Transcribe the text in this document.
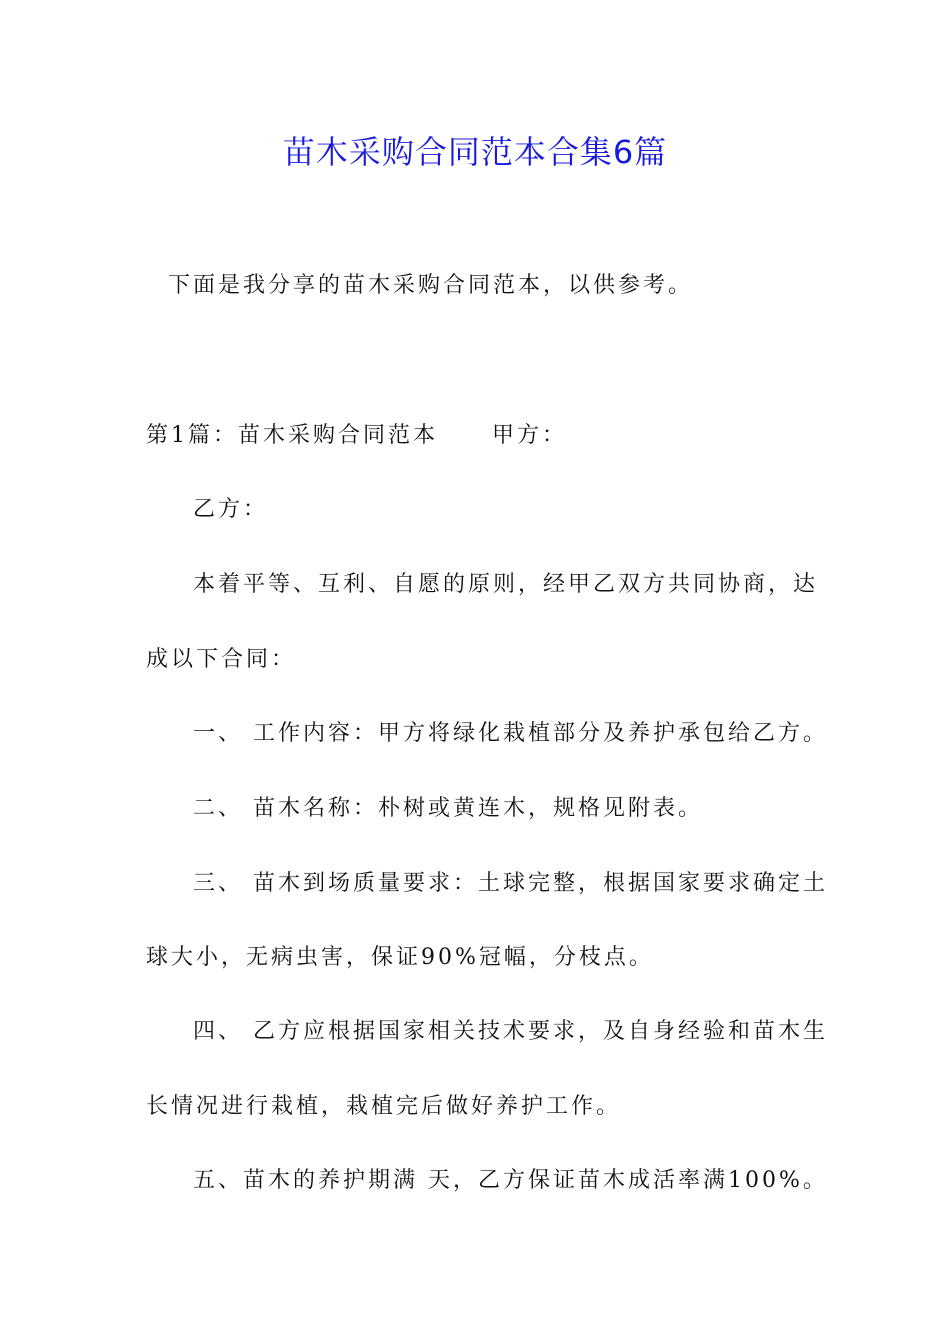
苗木采购合同范本合集6篇
下面是我分享的苗木采购合同范本，以供参考。
第1篇：苗木采购合同范本 甲方：
乙方：
本着平等、互利、自愿的原则，经甲乙双方共同协商，达
成以下合同：
一、 工作内容：甲方将绿化栽植部分及养护承包给乙方。
二、 苗木名称：朴树或黄连木，规格见附表。
三、 苗木到场质量要求：土球完整，根据国家要求确定土
球大小，无病虫害，保证90%冠幅，分枝点。
四、 乙方应根据国家相关技术要求，及自身经验和苗木生
长情况进行栽植，栽植完后做好养护工作。
五、苗木的养护期满 天，乙方保证苗木成活率满100%。
